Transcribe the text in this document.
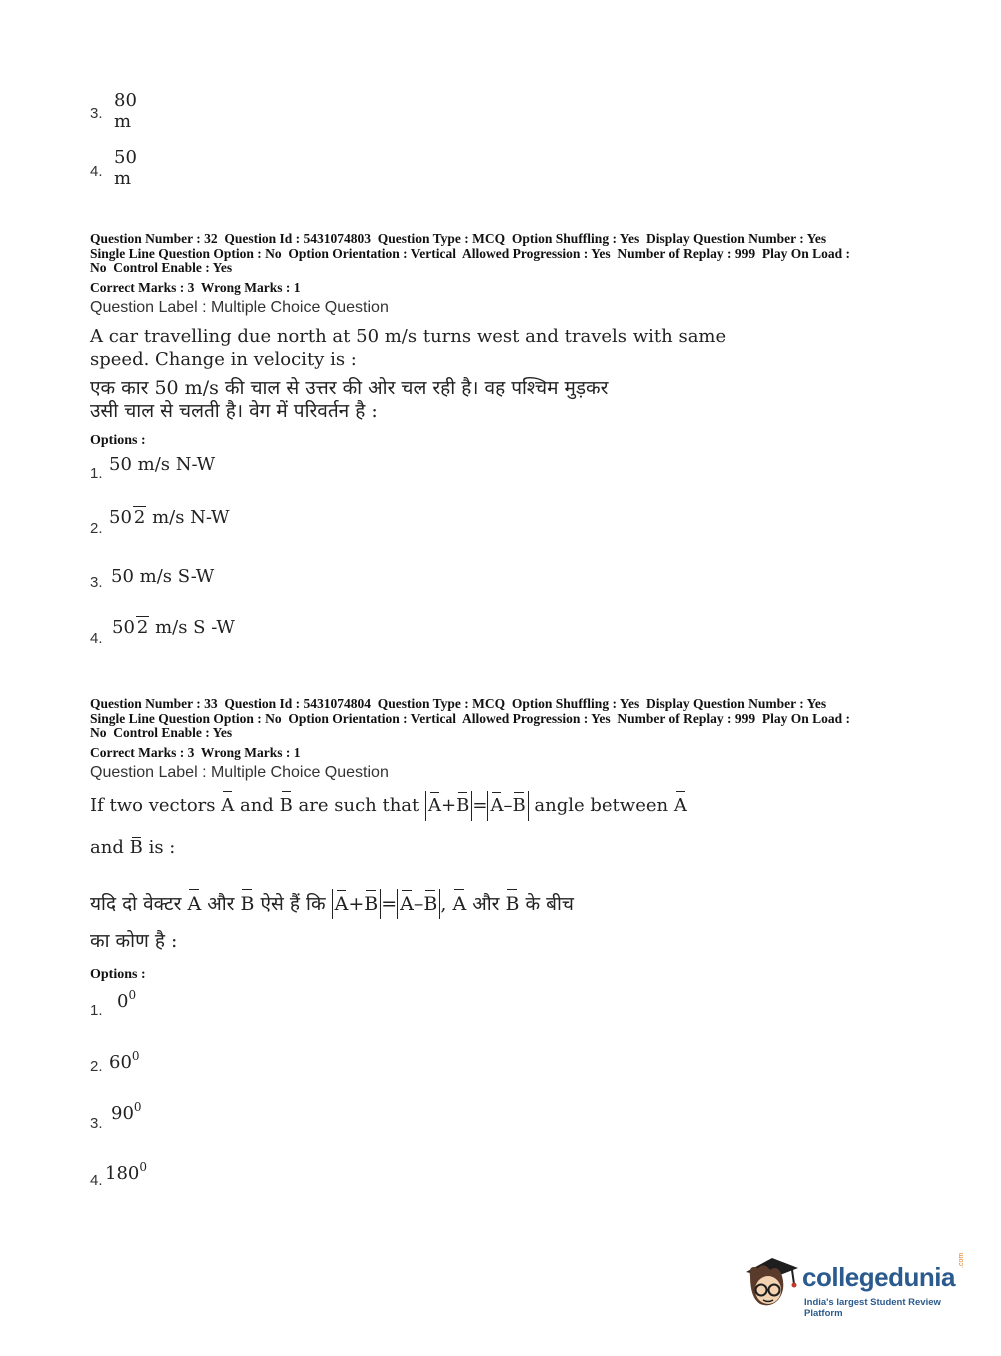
3.
80 m
4.
50 m
Question Number : 32  Question Id : 5431074803  Question Type : MCQ  Option Shuffling : Yes  Display Question Number : Yes
Single Line Question Option : No  Option Orientation : Vertical  Allowed Progression : Yes  Number of Replay : 999  Play On Load :
No  Control Enable : Yes
Correct Marks : 3  Wrong Marks : 1
Question Label : Multiple Choice Question
A car travelling due north at 50 m/s turns west and travels with same
speed. Change in velocity is :
एक कार 50 m/s की चाल से उत्तर की ओर चल रही है। वह पश्चिम मुड़कर
उसी चाल से चलती है। वेग में परिवर्तन है :
Options :
1. 50 m/s N-W
2.
50 2 m/s N-W
3. 50 m/s S-W
4.
50 2 m/s S -W
Question Number : 33  Question Id : 5431074804  Question Type : MCQ  Option Shuffling : Yes  Display Question Number : Yes
Single Line Question Option : No  Option Orientation : Vertical  Allowed Progression : Yes  Number of Replay : 999  Play On Load :
No  Control Enable : Yes
Correct Marks : 3  Wrong Marks : 1
Question Label : Multiple Choice Question
If two vectors A and B are such that A+B = A–B angle between A
and B is :
यदि दो वेक्टर A और B ऐसे हैं कि A+B = A–B , A और B के बीच
का कोण है :
Options :
1. $0^0$
2. $60^0$
3. $90^0$
4. $180^0$
collegedunia
.com
India's largest Student Review Platform
